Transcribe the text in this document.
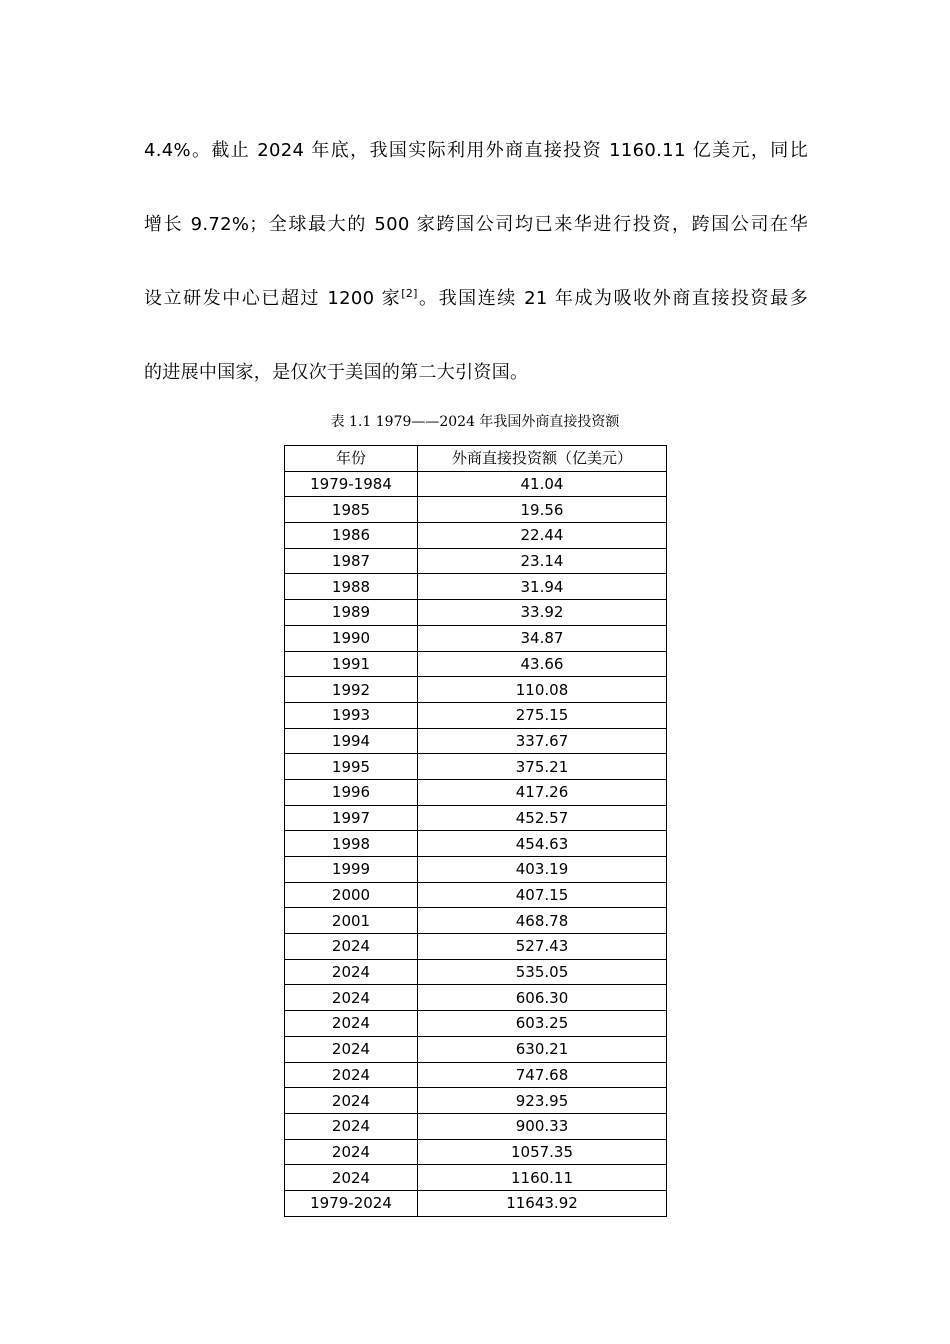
4.4%。截止 2024 年底，我国实际利用外商直接投资 1160.11 亿美元，同比
增长 9.72%；全球最大的 500 家跨国公司均已来华进行投资，跨国公司在华
设立研发中心已超过 1200 家[2]。我国连续 21 年成为吸收外商直接投资最多
的进展中国家，是仅次于美国的第二大引资国。
表 1.1 1979——2024 年我国外商直接投资额
年份	外商直接投资额（亿美元）
1979-1984	41.04
1985	19.56
1986	22.44
1987	23.14
1988	31.94
1989	33.92
1990	34.87
1991	43.66
1992	110.08
1993	275.15
1994	337.67
1995	375.21
1996	417.26
1997	452.57
1998	454.63
1999	403.19
2000	407.15
2001	468.78
2024	527.43
2024	535.05
2024	606.30
2024	603.25
2024	630.21
2024	747.68
2024	923.95
2024	900.33
2024	1057.35
2024	1160.11
1979-2024	11643.92
